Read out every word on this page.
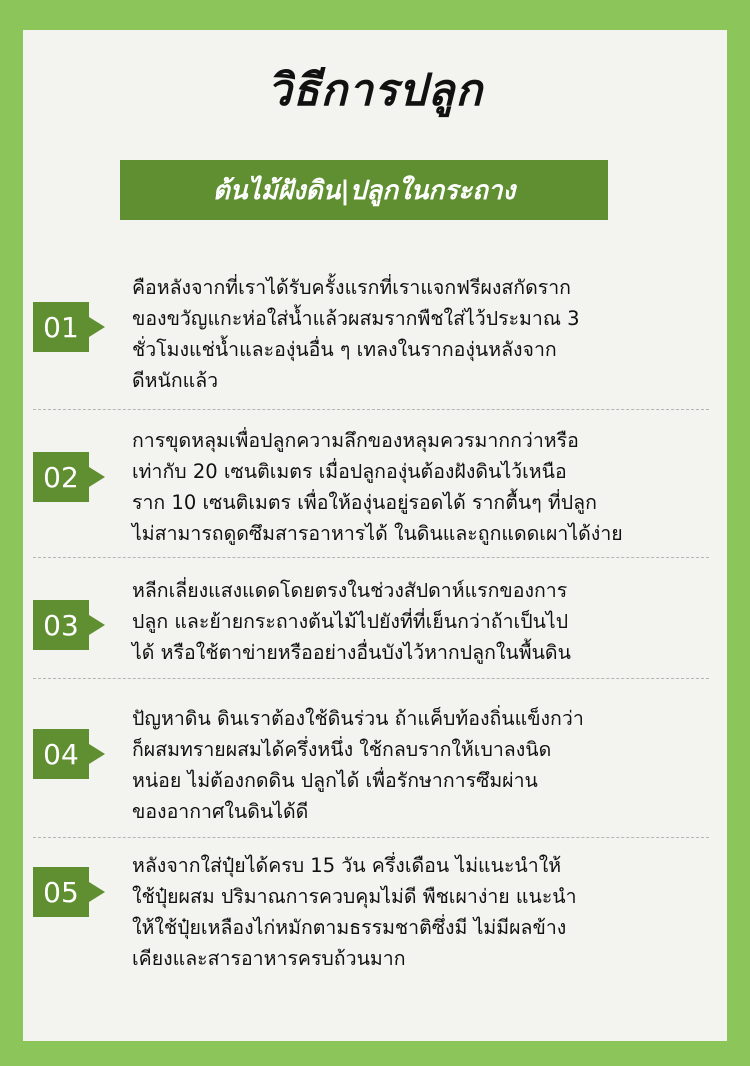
วิธีการปลูก
ต้นไม้ฝังดิน|ปลูกในกระถาง
01
คือหลังจากที่เราได้รับครั้งแรกที่เราแจกฟรีผงสกัดราก
ของขวัญแกะห่อใส่น้ำแล้วผสมรากพืชใส่ไว้ประมาณ 3
ชั่วโมงแช่น้ำและองุ่นอื่น ๆ เทลงในรากองุ่นหลังจาก
ดีหนักแล้ว
02
การขุดหลุมเพื่อปลูกความลึกของหลุมควรมากกว่าหรือ
เท่ากับ 20 เซนติเมตร เมื่อปลูกองุ่นต้องฝังดินไว้เหนือ
ราก 10 เซนติเมตร เพื่อให้องุ่นอยู่รอดได้ รากตื้นๆ ที่ปลูก
ไม่สามารถดูดซึมสารอาหารได้ ในดินและถูกแดดเผาได้ง่าย
03
หลีกเลี่ยงแสงแดดโดยตรงในช่วงสัปดาห์แรกของการ
ปลูก และย้ายกระถางต้นไม้ไปยังที่ที่เย็นกว่าถ้าเป็นไป
ได้ หรือใช้ตาข่ายหรืออย่างอื่นบังไว้หากปลูกในพื้นดิน
04
ปัญหาดิน ดินเราต้องใช้ดินร่วน ถ้าแค็บท้องถิ่นแข็งกว่า
ก็ผสมทรายผสมได้ครึ่งหนึ่ง ใช้กลบรากให้เบาลงนิด
หน่อย ไม่ต้องกดดิน ปลูกได้ เพื่อรักษาการซึมผ่าน
ของอากาศในดินได้ดี
05
หลังจากใส่ปุ๋ยได้ครบ 15 วัน ครึ่งเดือน ไม่แนะนำให้
ใช้ปุ๋ยผสม ปริมาณการควบคุมไม่ดี พืชเผาง่าย แนะนำ
ให้ใช้ปุ๋ยเหลืองไก่หมักตามธรรมชาติซึ่งมี ไม่มีผลข้าง
เคียงและสารอาหารครบถ้วนมาก
